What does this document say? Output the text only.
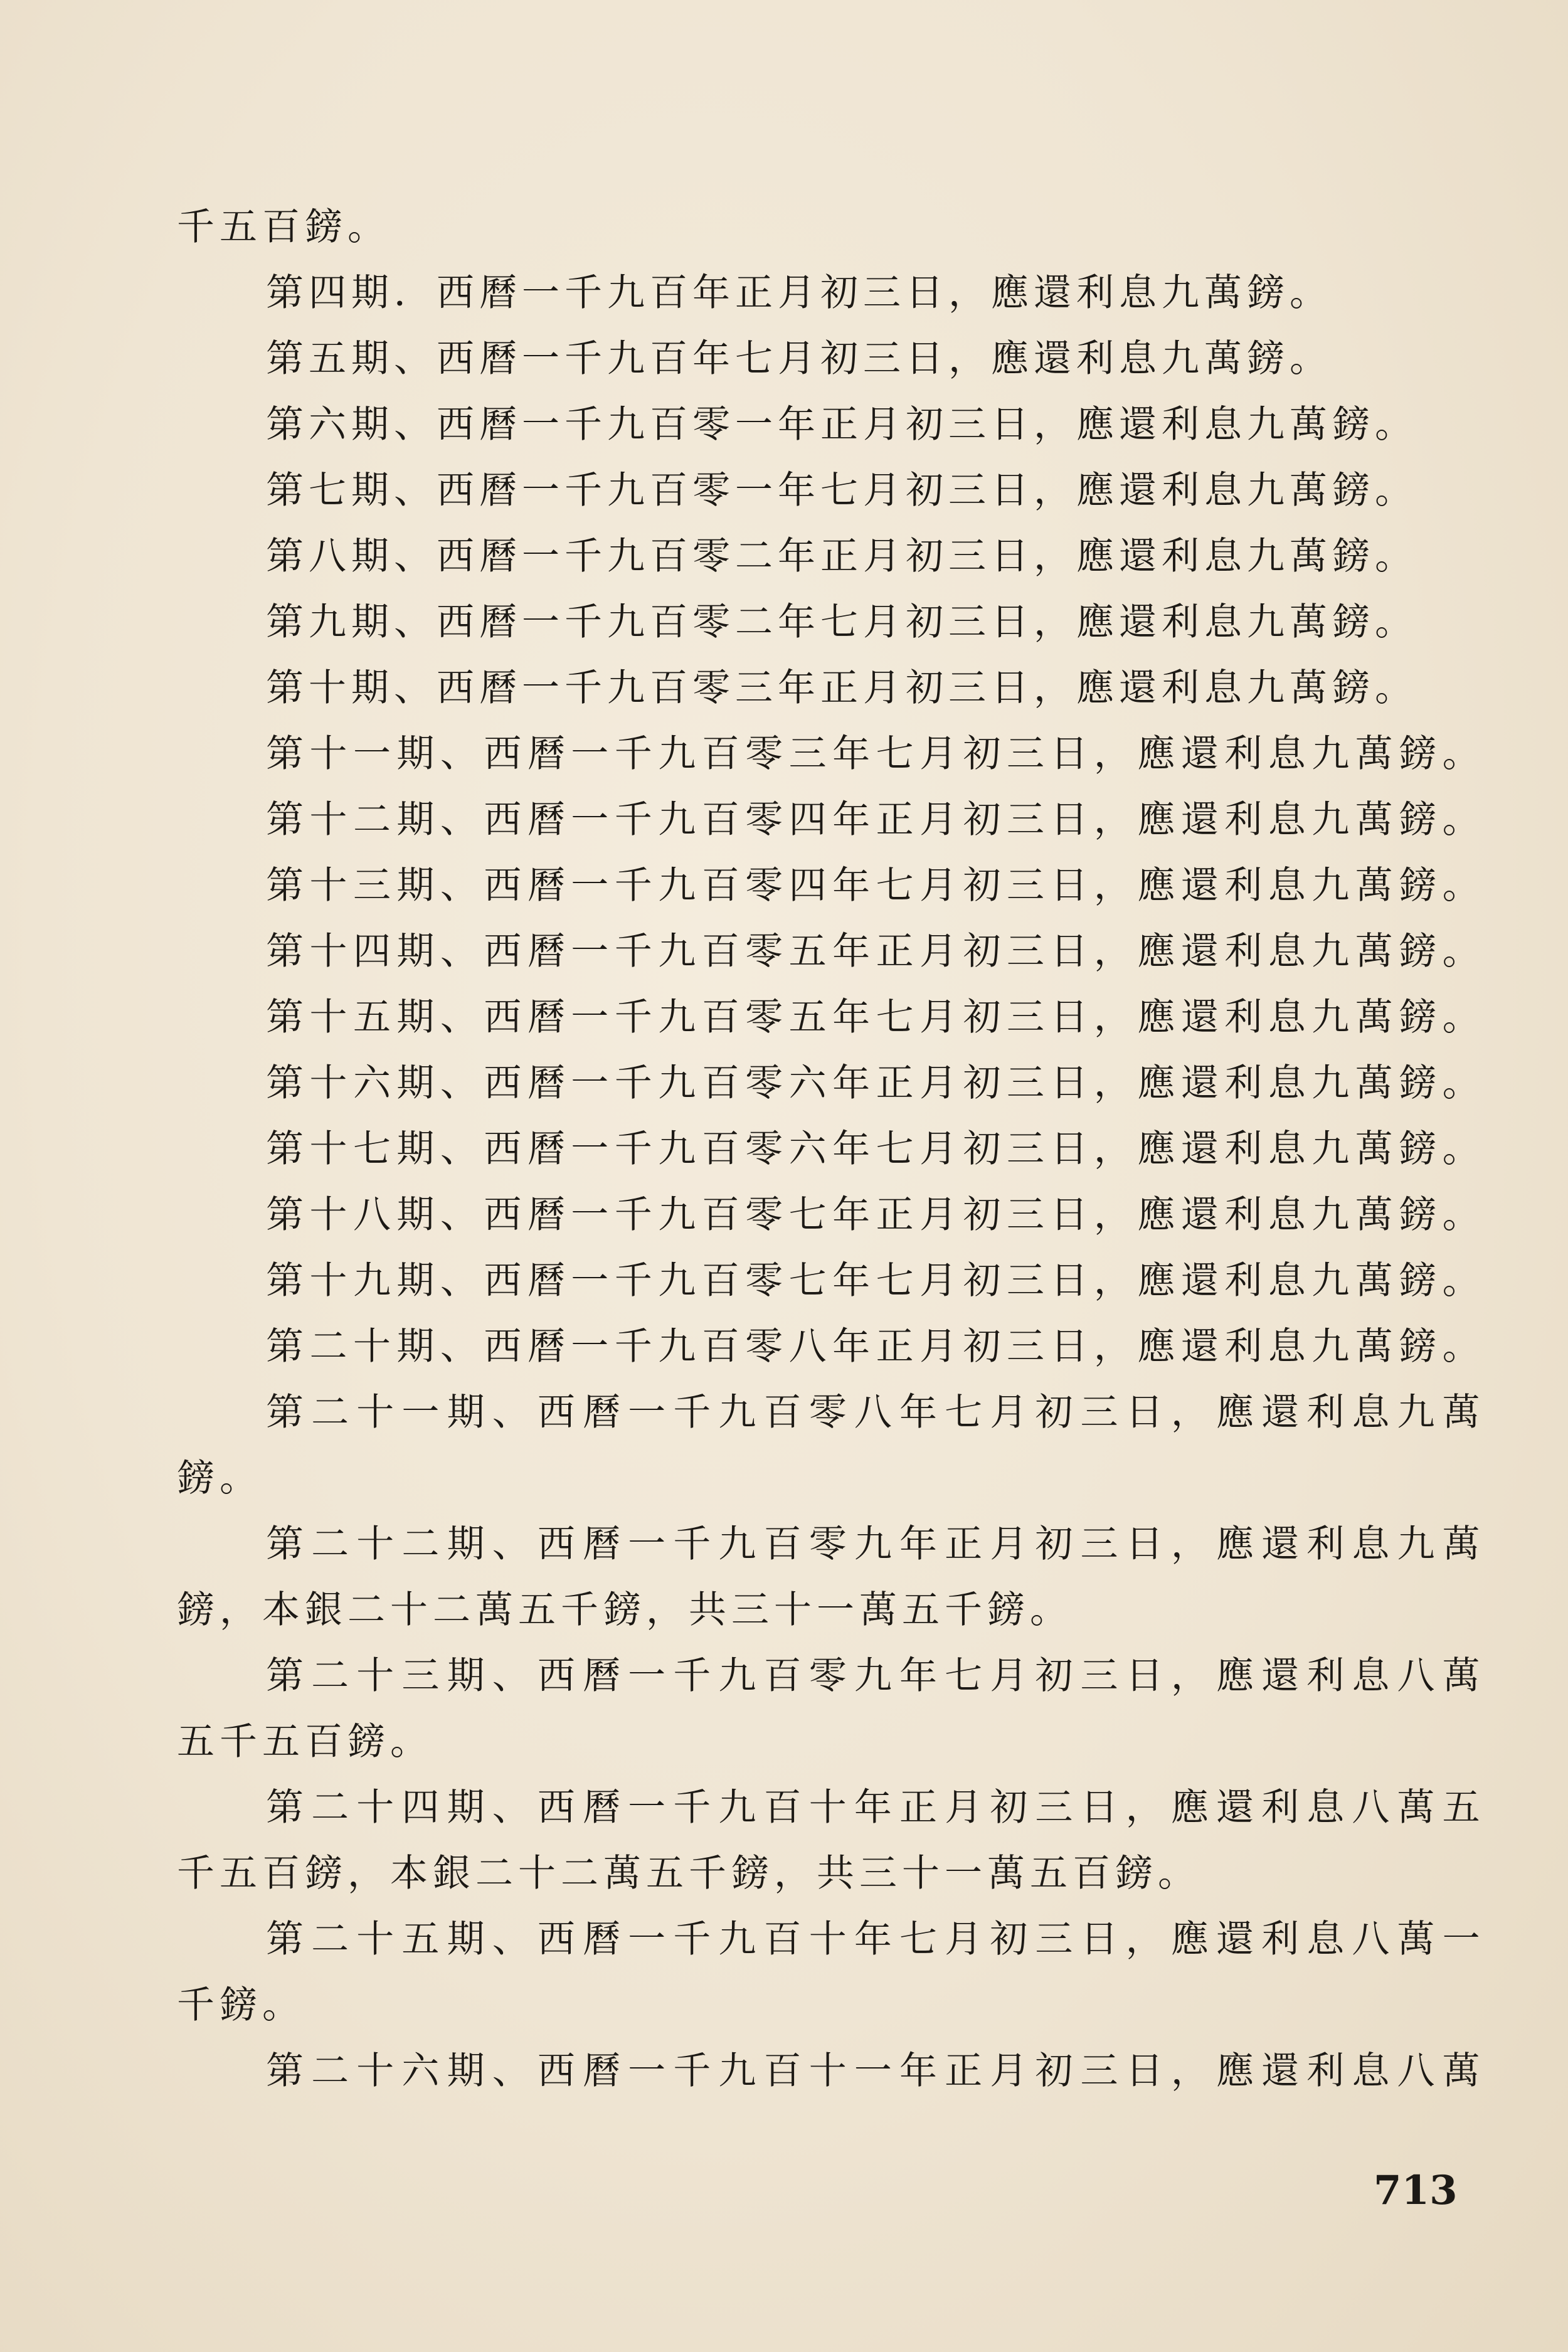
千五百鎊。
第四期．西曆一千九百年正月初三日，應還利息九萬鎊。
第五期、西曆一千九百年七月初三日，應還利息九萬鎊。
第六期、西曆一千九百零一年正月初三日，應還利息九萬鎊。
第七期、西曆一千九百零一年七月初三日，應還利息九萬鎊。
第八期、西曆一千九百零二年正月初三日，應還利息九萬鎊。
第九期、西曆一千九百零二年七月初三日，應還利息九萬鎊。
第十期、西曆一千九百零三年正月初三日，應還利息九萬鎊。
第 十 一 期 、 西 曆 一 千 九 百 零 三 年 七 月 初 三 日 ， 應 還 利 息 九 萬 鎊 。
第 十 二 期 、 西 曆 一 千 九 百 零 四 年 正 月 初 三 日 ， 應 還 利 息 九 萬 鎊 。
第 十 三 期 、 西 曆 一 千 九 百 零 四 年 七 月 初 三 日 ， 應 還 利 息 九 萬 鎊 。
第 十 四 期 、 西 曆 一 千 九 百 零 五 年 正 月 初 三 日 ， 應 還 利 息 九 萬 鎊 。
第 十 五 期 、 西 曆 一 千 九 百 零 五 年 七 月 初 三 日 ， 應 還 利 息 九 萬 鎊 。
第 十 六 期 、 西 曆 一 千 九 百 零 六 年 正 月 初 三 日 ， 應 還 利 息 九 萬 鎊 。
第 十 七 期 、 西 曆 一 千 九 百 零 六 年 七 月 初 三 日 ， 應 還 利 息 九 萬 鎊 。
第 十 八 期 、 西 曆 一 千 九 百 零 七 年 正 月 初 三 日 ， 應 還 利 息 九 萬 鎊 。
第 十 九 期 、 西 曆 一 千 九 百 零 七 年 七 月 初 三 日 ， 應 還 利 息 九 萬 鎊 。
第 二 十 期 、 西 曆 一 千 九 百 零 八 年 正 月 初 三 日 ， 應 還 利 息 九 萬 鎊 。
第 二 十 一 期 、 西 曆 一 千 九 百 零 八 年 七 月 初 三 日 ， 應 還 利 息 九 萬
鎊。
第 二 十 二 期 、 西 曆 一 千 九 百 零 九 年 正 月 初 三 日 ， 應 還 利 息 九 萬
鎊，本銀二十二萬五千鎊，共三十一萬五千鎊。
第 二 十 三 期 、 西 曆 一 千 九 百 零 九 年 七 月 初 三 日 ， 應 還 利 息 八 萬
五千五百鎊。
第 二 十 四 期 、 西 曆 一 千 九 百 十 年 正 月 初 三 日 ， 應 還 利 息 八 萬 五
千五百鎊，本銀二十二萬五千鎊，共三十一萬五百鎊。
第 二 十 五 期 、 西 曆 一 千 九 百 十 年 七 月 初 三 日 ， 應 還 利 息 八 萬 一
千鎊。
第 二 十 六 期 、 西 曆 一 千 九 百 十 一 年 正 月 初 三 日 ， 應 還 利 息 八 萬
713
